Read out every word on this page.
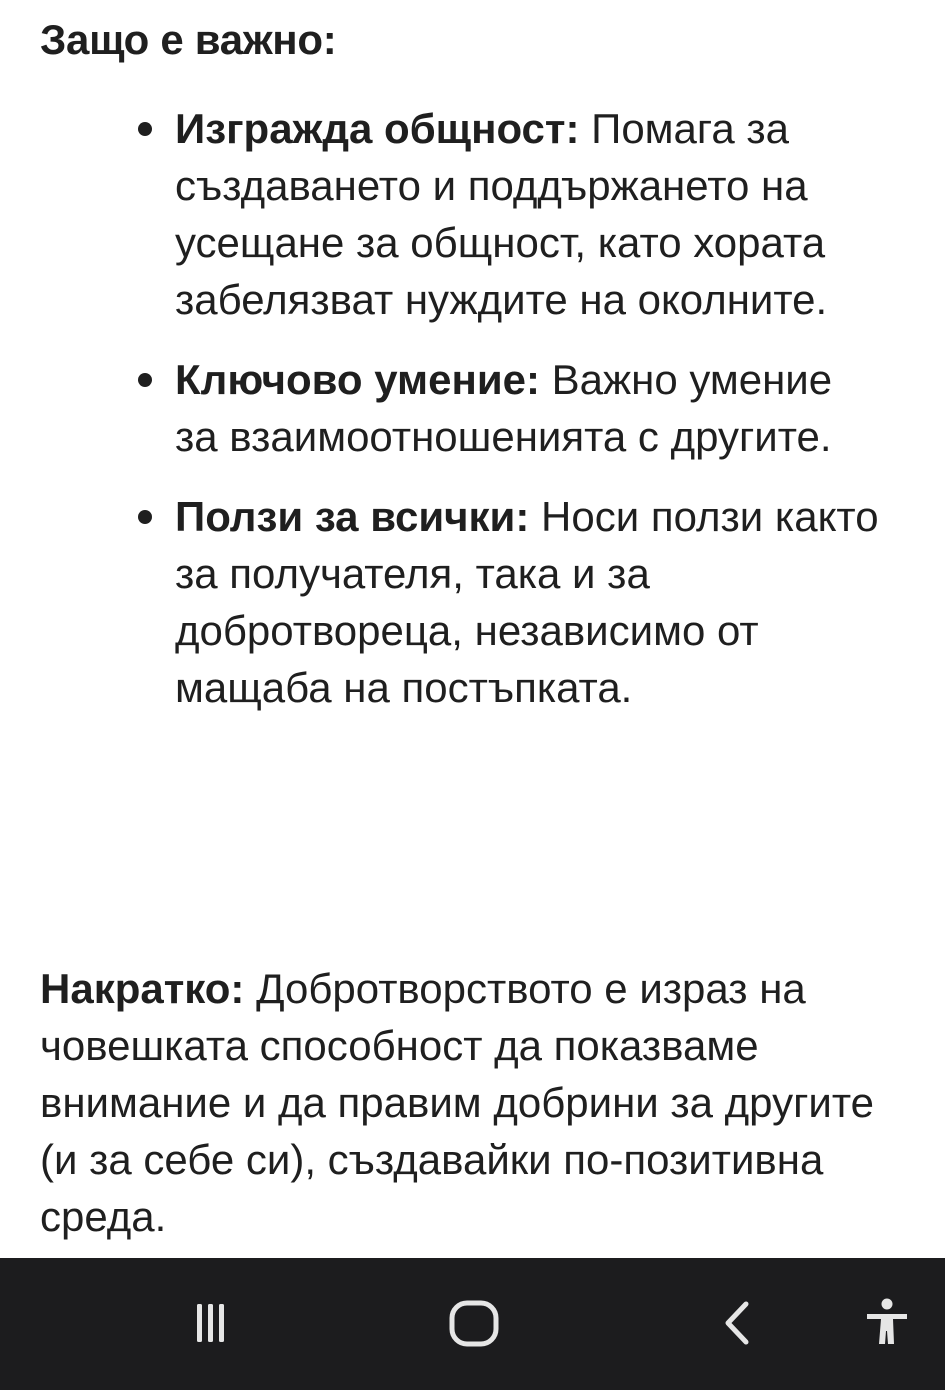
Защо е важно:
Изгражда общност: Помага за създаването и поддържането на усещане за общност, като хората забелязват нуждите на околните.
Ключово умение: Важно умение за взаимоотношенията с другите.
Ползи за всички: Носи ползи както за получателя, така и за добротвореца, независимо от мащаба на постъпката.

Накратко: Добротворството е израз на човешката способност да показваме внимание и да правим добрини за другите (и за себе си), създавайки по-позитивна среда.
